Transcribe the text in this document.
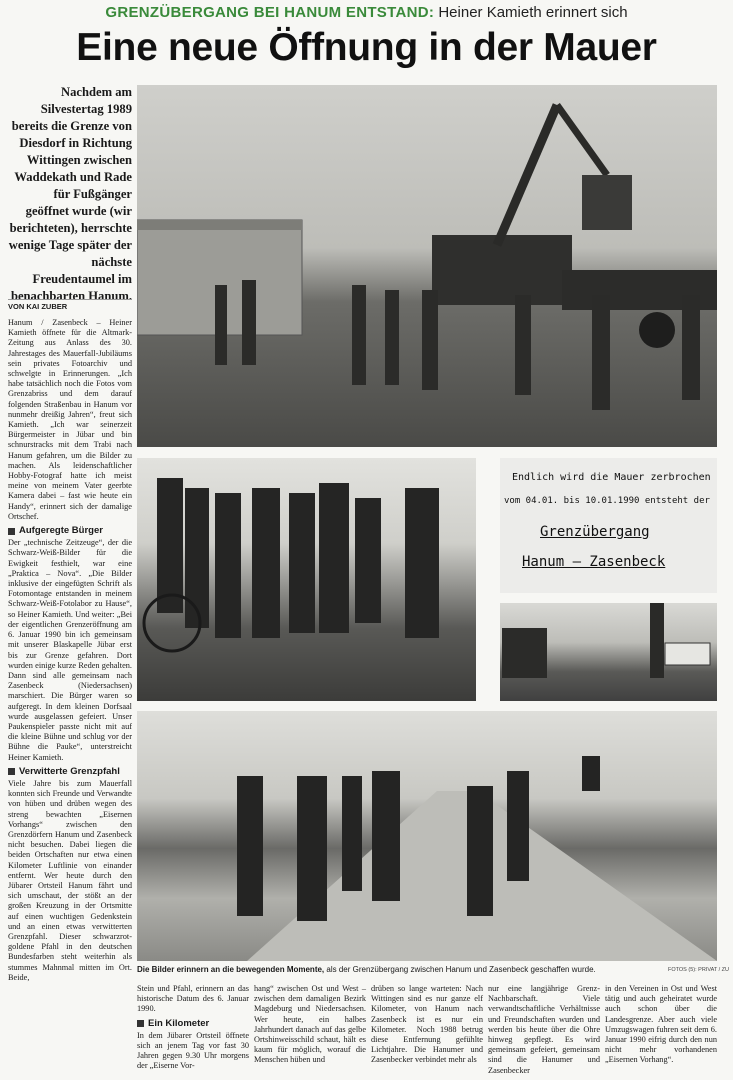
GRENZÜBERGANG BEI HANUM ENTSTAND: Heiner Kamieth erinnert sich
Eine neue Öffnung in der Mauer
Nachdem am Silvestertag 1989 bereits die Grenze von Diesdorf in Richtung Wittingen zwischen Waddekath und Rade für Fußgänger geöffnet wurde (wir berichteten), herrschte wenige Tage später der nächste Freudentaumel im benachbarten Hanum.
VON KAI ZUBER

Hanum / Zasenbeck – Heiner Kamieth öffnete für die Altmark-Zeitung aus Anlass des 30. Jahrestages des Mauerfall-Jubiläums sein privates Fotoarchiv und schwelgte in Erinnerungen. „Ich habe tatsächlich noch die Fotos vom Grenzabriss und dem darauf folgenden Straßenbau in Hanum vor nunmehr dreißig Jahren“, freut sich Kamieth. „Ich war seinerzeit Bürgermeister in Jübar und bin schnurstracks mit dem Trabi nach Hanum gefahren, um die Bilder zu machen. Als leidenschaftlicher Hobby-Fotograf hatte ich meist meine von meinem Vater geerbte Kamera dabei – fast wie heute ein Handy“, erinnert sich der damalige Ortschef.

Aufgeregte Bürger

Der „technische Zeitzeuge“, der die Schwarz-Weiß-Bilder für die Ewigkeit festhielt, war eine „Praktica – Nova“. „Die Bilder inklusive der eingefügten Schrift als Fotomontage entstanden in meinem Schwarz-Weiß-Fotolabor zu Hause“, so Heiner Kamieth. Und weiter: „Bei der eigentlichen Grenzeröffnung am 6. Januar 1990 bin ich gemeinsam mit unserer Blaskapelle Jübar erst bis zur Grenze gefahren. Dort wurden einige kurze Reden gehalten. Dann sind alle gemeinsam nach Zasenbeck (Niedersachsen) marschiert. Die Bürger waren so aufgeregt. In dem kleinen Dorfsaal wurde ausgelassen gefeiert. Unser Paukenspieler passte nicht mit auf die kleine Bühne und schlug vor der Bühne die Pauke“, unterstreicht Heiner Kamieth.

Verwitterte Grenzpfahl

Viele Jahre bis zum Mauerfall konnten sich Freunde und Verwandte von hüben und drüben wegen des streng bewachten „Eisernen Vorhangs“ zwischen den Grenzdörfern Hanum und Zasenbeck nicht besuchen. Dabei liegen die beiden Ortschaften nur etwa einen Kilometer Luftlinie von einander entfernt. Wer heute durch den Jübarer Ortsteil Hanum fährt und sich umschaut, der stößt an der großen Kreuzung in der Ortsmitte auf einen wuchtigen Gedenkstein und an einen etwas verwitterten Grenzpfahl. Dieser schwarzrot-goldene Pfahl in den deutschen Bundesfarben steht weiterhin als stummes Mahnmal mitten im Ort. Beide,

Endlich wird die Mauer zerbrochen
vom 04.01. bis 10.01.1990 entsteht der
Grenzübergang
Hanum – Zasenbeck
Die Bilder erinnern an die bewegenden Momente, als der Grenzübergang zwischen Hanum und Zasenbeck geschaffen wurde.	FOTOS (5): PRIVAT / ZU

Stein und Pfahl, erinnern an das historische Datum des 6. Januar 1990.

Ein Kilometer

In dem Jübarer Ortsteil öffnete sich an jenem Tag vor fast 30 Jahren gegen 9.30 Uhr morgens der „Eiserne Vor-

hang“ zwischen Ost und West – zwischen dem damaligen Bezirk Magdeburg und Niedersachsen. Wer heute, ein halbes Jahrhundert danach auf das gelbe Ortshinweisschild schaut, hält es kaum für möglich, worauf die Menschen hüben und

drüben so lange warteten: Nach Wittingen sind es nur ganze elf Kilometer, von Hanum nach Zasenbeck ist es nur ein Kilometer.  Noch 1988 betrug diese Entfernung gefühlte Lichtjahre. Die Hanumer und Zasenbecker verbindet mehr als

nur eine langjährige Grenz-Nachbarschaft. Viele verwandtschaftliche Verhältnisse und Freundschaften wurden und werden bis heute über die Ohre hinweg gepflegt. Es wird gemeinsam gefeiert, gemeinsam sind die Hanumer und Zasenbecker

in den Vereinen in Ost und West tätig und auch geheiratet wurde auch schon über die Landesgrenze. Aber auch viele Umzugswagen fuhren seit dem 6. Januar 1990 eifrig durch den nun nicht mehr vorhandenen „Eisernen Vorhang“.
